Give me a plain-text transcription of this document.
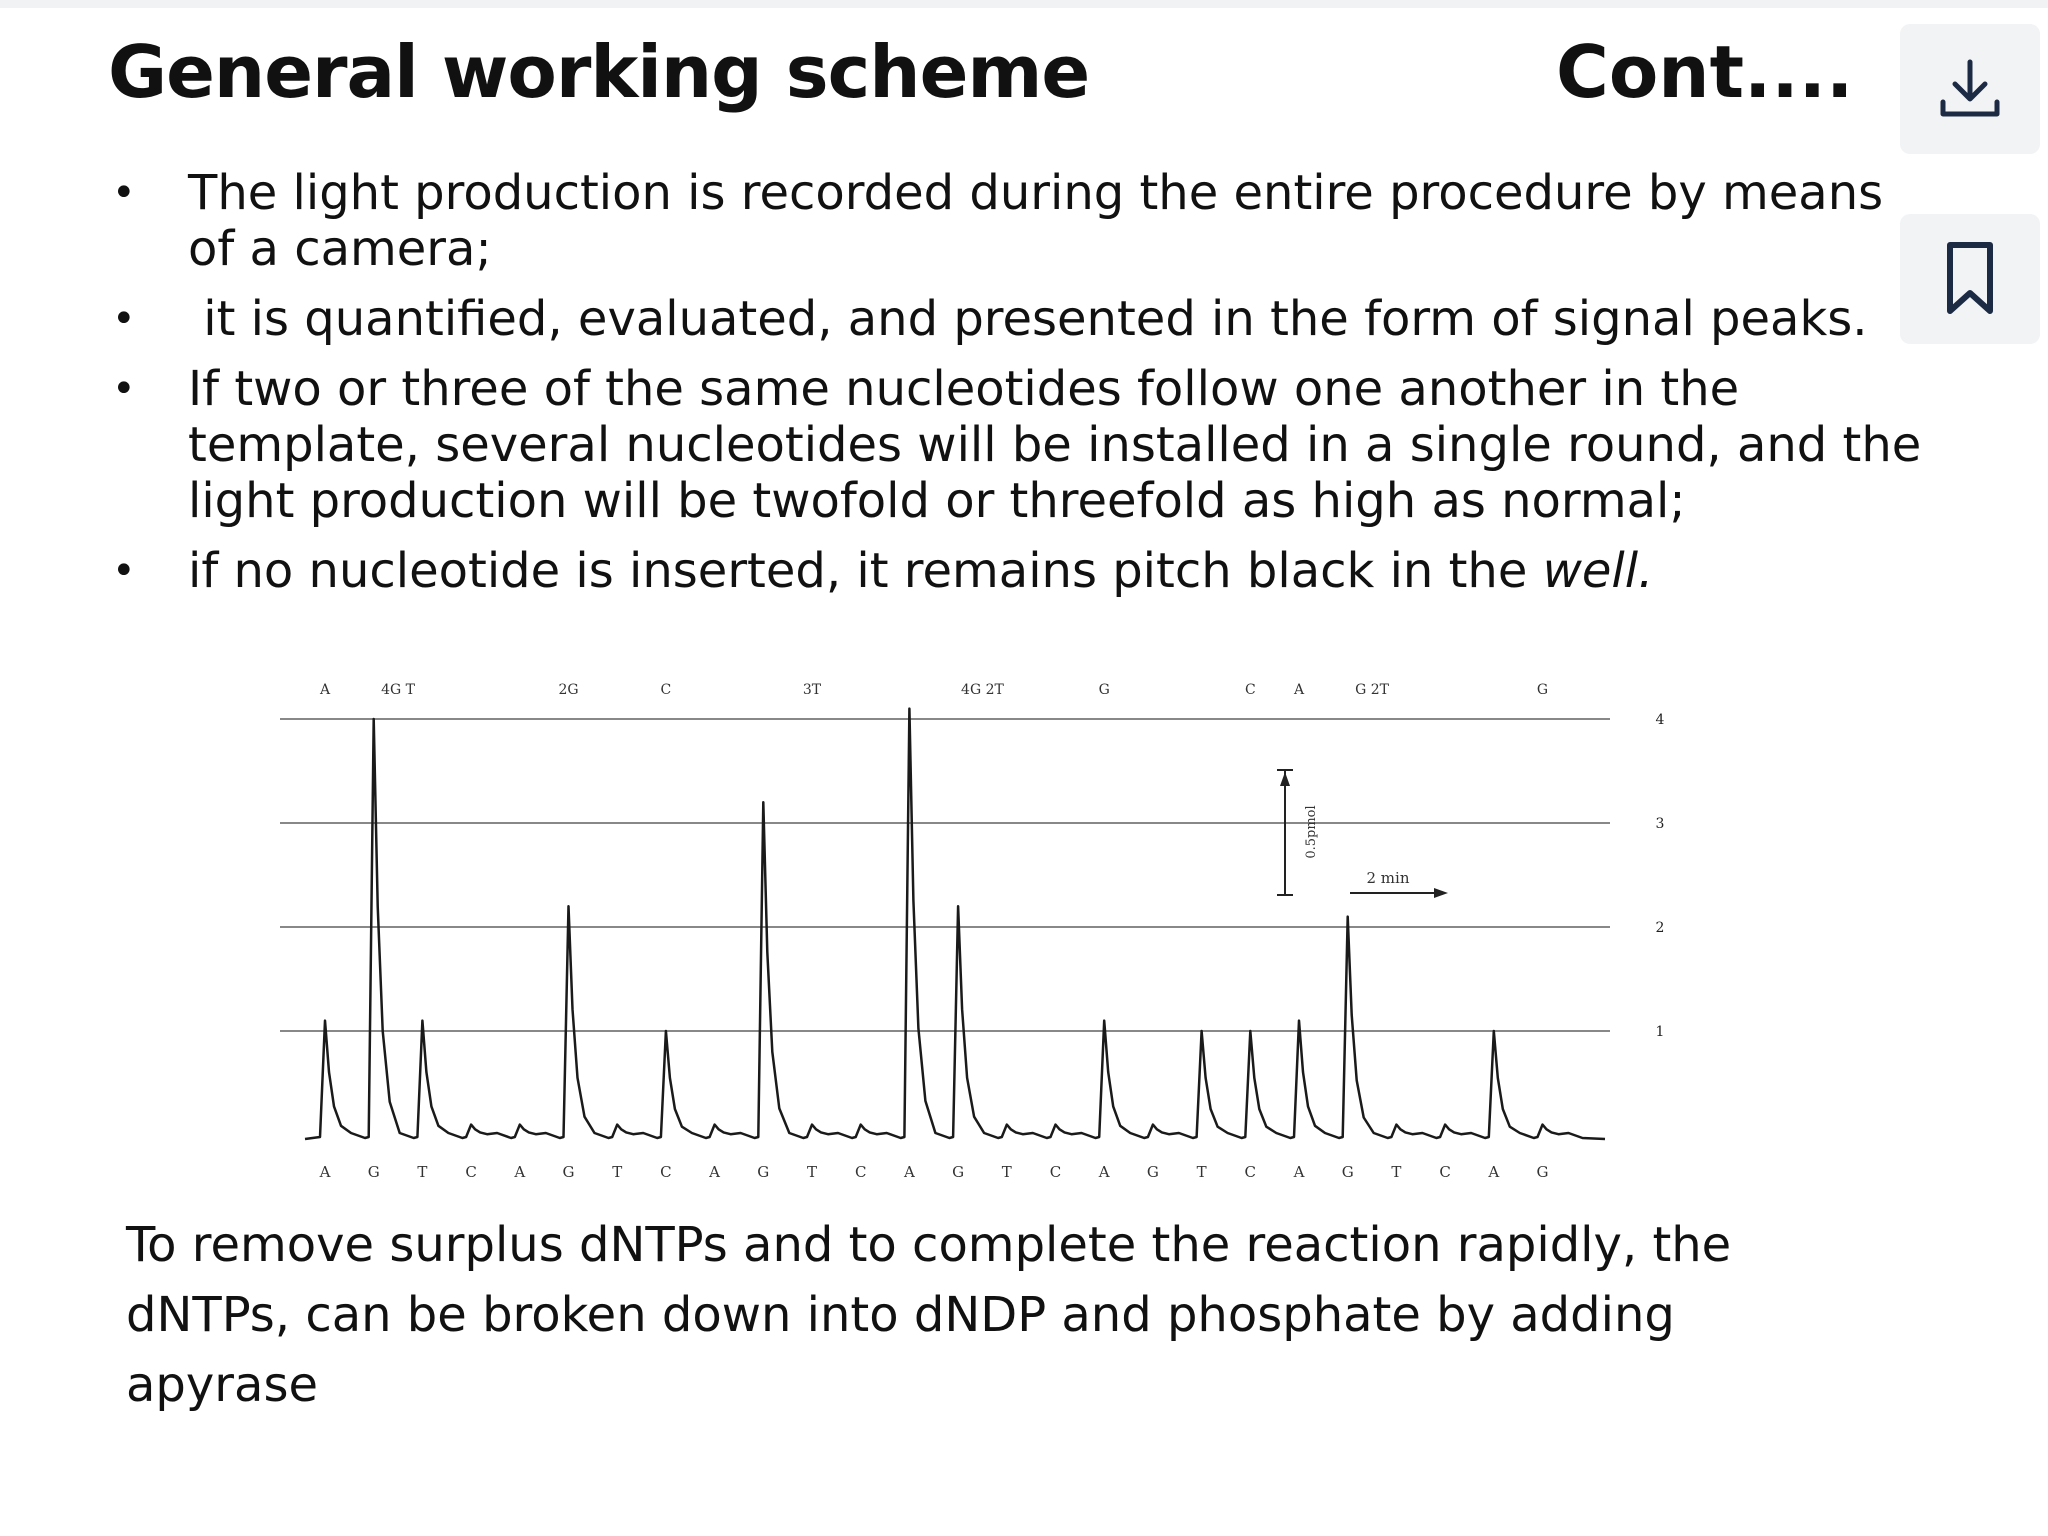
General working scheme	Cont....
• The light production is recorded during the entire procedure by means of a camera;
• it is quantified, evaluated, and presented in the form of signal peaks.
• If two or three of the same nucleotides follow one another in the template, several nucleotides will be installed in a single round, and the light production will be twofold or threefold as high as normal;
• if no nucleotide is inserted, it remains pitch black in the well.
1
2
3
4
A G	T	C	A G	T	C	A G	T	C	A G	T	C	A G	T	C	A G	T	C	A G
A	4G T	2G	C	3T	4G 2T	G	C	A	G 2T	G
0.5pmol
2 min
To remove surplus dNTPs and to complete the reaction rapidly, the dNTPs, can be broken down into dNDP and phosphate by adding apyrase
